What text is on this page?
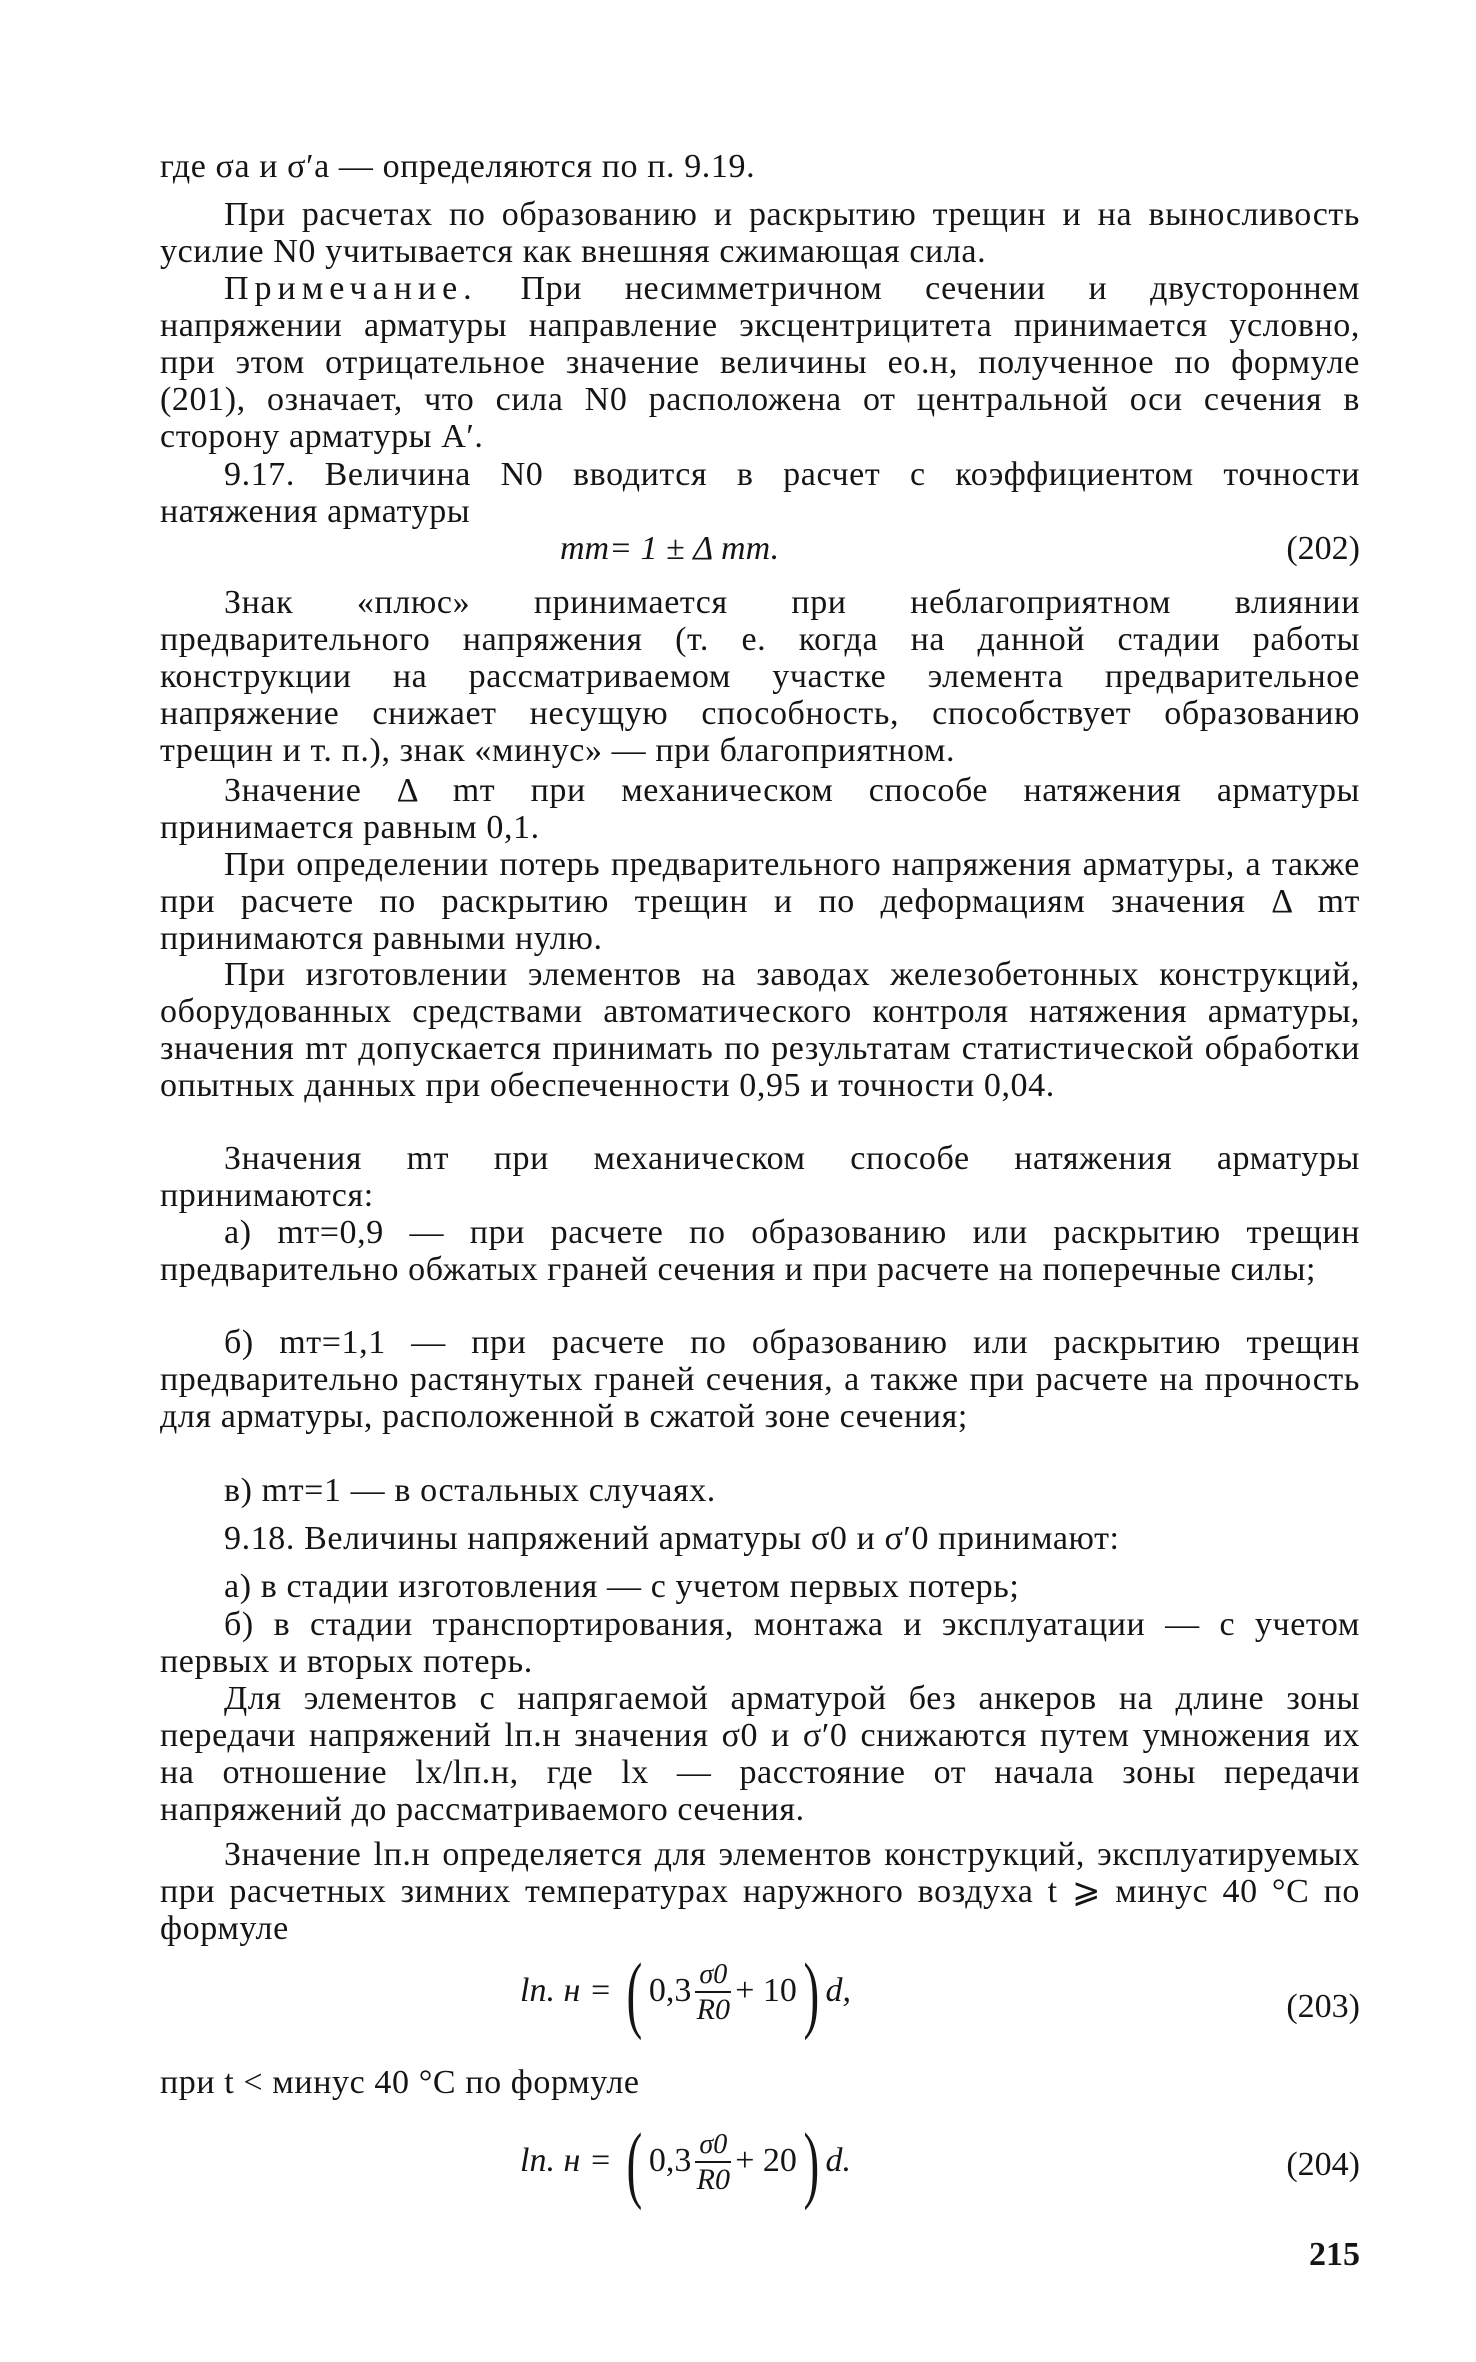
где σa и σ′a — определяются по п. 9.19.
При расчетах по образованию и раскрытию трещин и на выносливость усилие N0 учитывается как внешняя сжимающая сила.
Примечание. При несимметричном сечении и двустороннем напряжении арматуры направление эксцентрицитета принимается условно, при этом отрицательное значение величины eо.н, полученное по формуле (201), означает, что сила N0 расположена от центральной оси сечения в сторону арматуры A′.
9.17. Величина N0 вводится в расчет с коэффициентом точности натяжения арматуры
mт= 1 ± Δ mт.	(202)
Знак «плюс» принимается при неблагоприятном влиянии предварительного напряжения (т. е. когда на данной стадии работы конструкции на рассматриваемом участке элемента предварительное напряжение снижает несущую способность, способствует образованию трещин и т. п.), знак «минус» — при благоприятном.
Значение Δ mт при механическом способе натяжения арматуры принимается равным 0,1.
При определении потерь предварительного напряжения арматуры, а также при расчете по раскрытию трещин и по деформациям значения Δ mт принимаются равными нулю.
При изготовлении элементов на заводах железобетонных конструкций, оборудованных средствами автоматического контроля натяжения арматуры, значения mт допускается принимать по результатам статистической обработки опытных данных при обеспеченности 0,95 и точности 0,04.
Значения mт при механическом способе натяжения арматуры принимаются:
а) mт=0,9 — при расчете по образованию или раскрытию трещин предварительно обжатых граней сечения и при расчете на поперечные силы;
б) mт=1,1 — при расчете по образованию или раскрытию трещин предварительно растянутых граней сечения, а также при расчете на прочность для арматуры, расположенной в сжатой зоне сечения;
в) mт=1 — в остальных случаях.
9.18. Величины напряжений арматуры σ0 и σ′0 принимают:
а) в стадии изготовления — с учетом первых потерь;
б) в стадии транспортирования, монтажа и эксплуатации — с учетом первых и вторых потерь.
Для элементов с напрягаемой арматурой без анкеров на длине зоны передачи напряжений lп.н значения σ0 и σ′0 снижаются путем умножения их на отношение lx/lп.н, где lx — расстояние от начала зоны передачи напряжений до рассматриваемого сечения.
Значение lп.н определяется для элементов конструкций, эксплуатируемых при расчетных зимних температурах наружного воздуха t ⩾ минус 40 °С по формуле
lп. н = ( $0,3 \frac{\sigma 0}{R0} + 10$) d,	(203)
при t < минус 40 °С по формуле
lп. н = ( $0,3 \frac{\sigma 0}{R0} + 20$) d.	(204)
215
